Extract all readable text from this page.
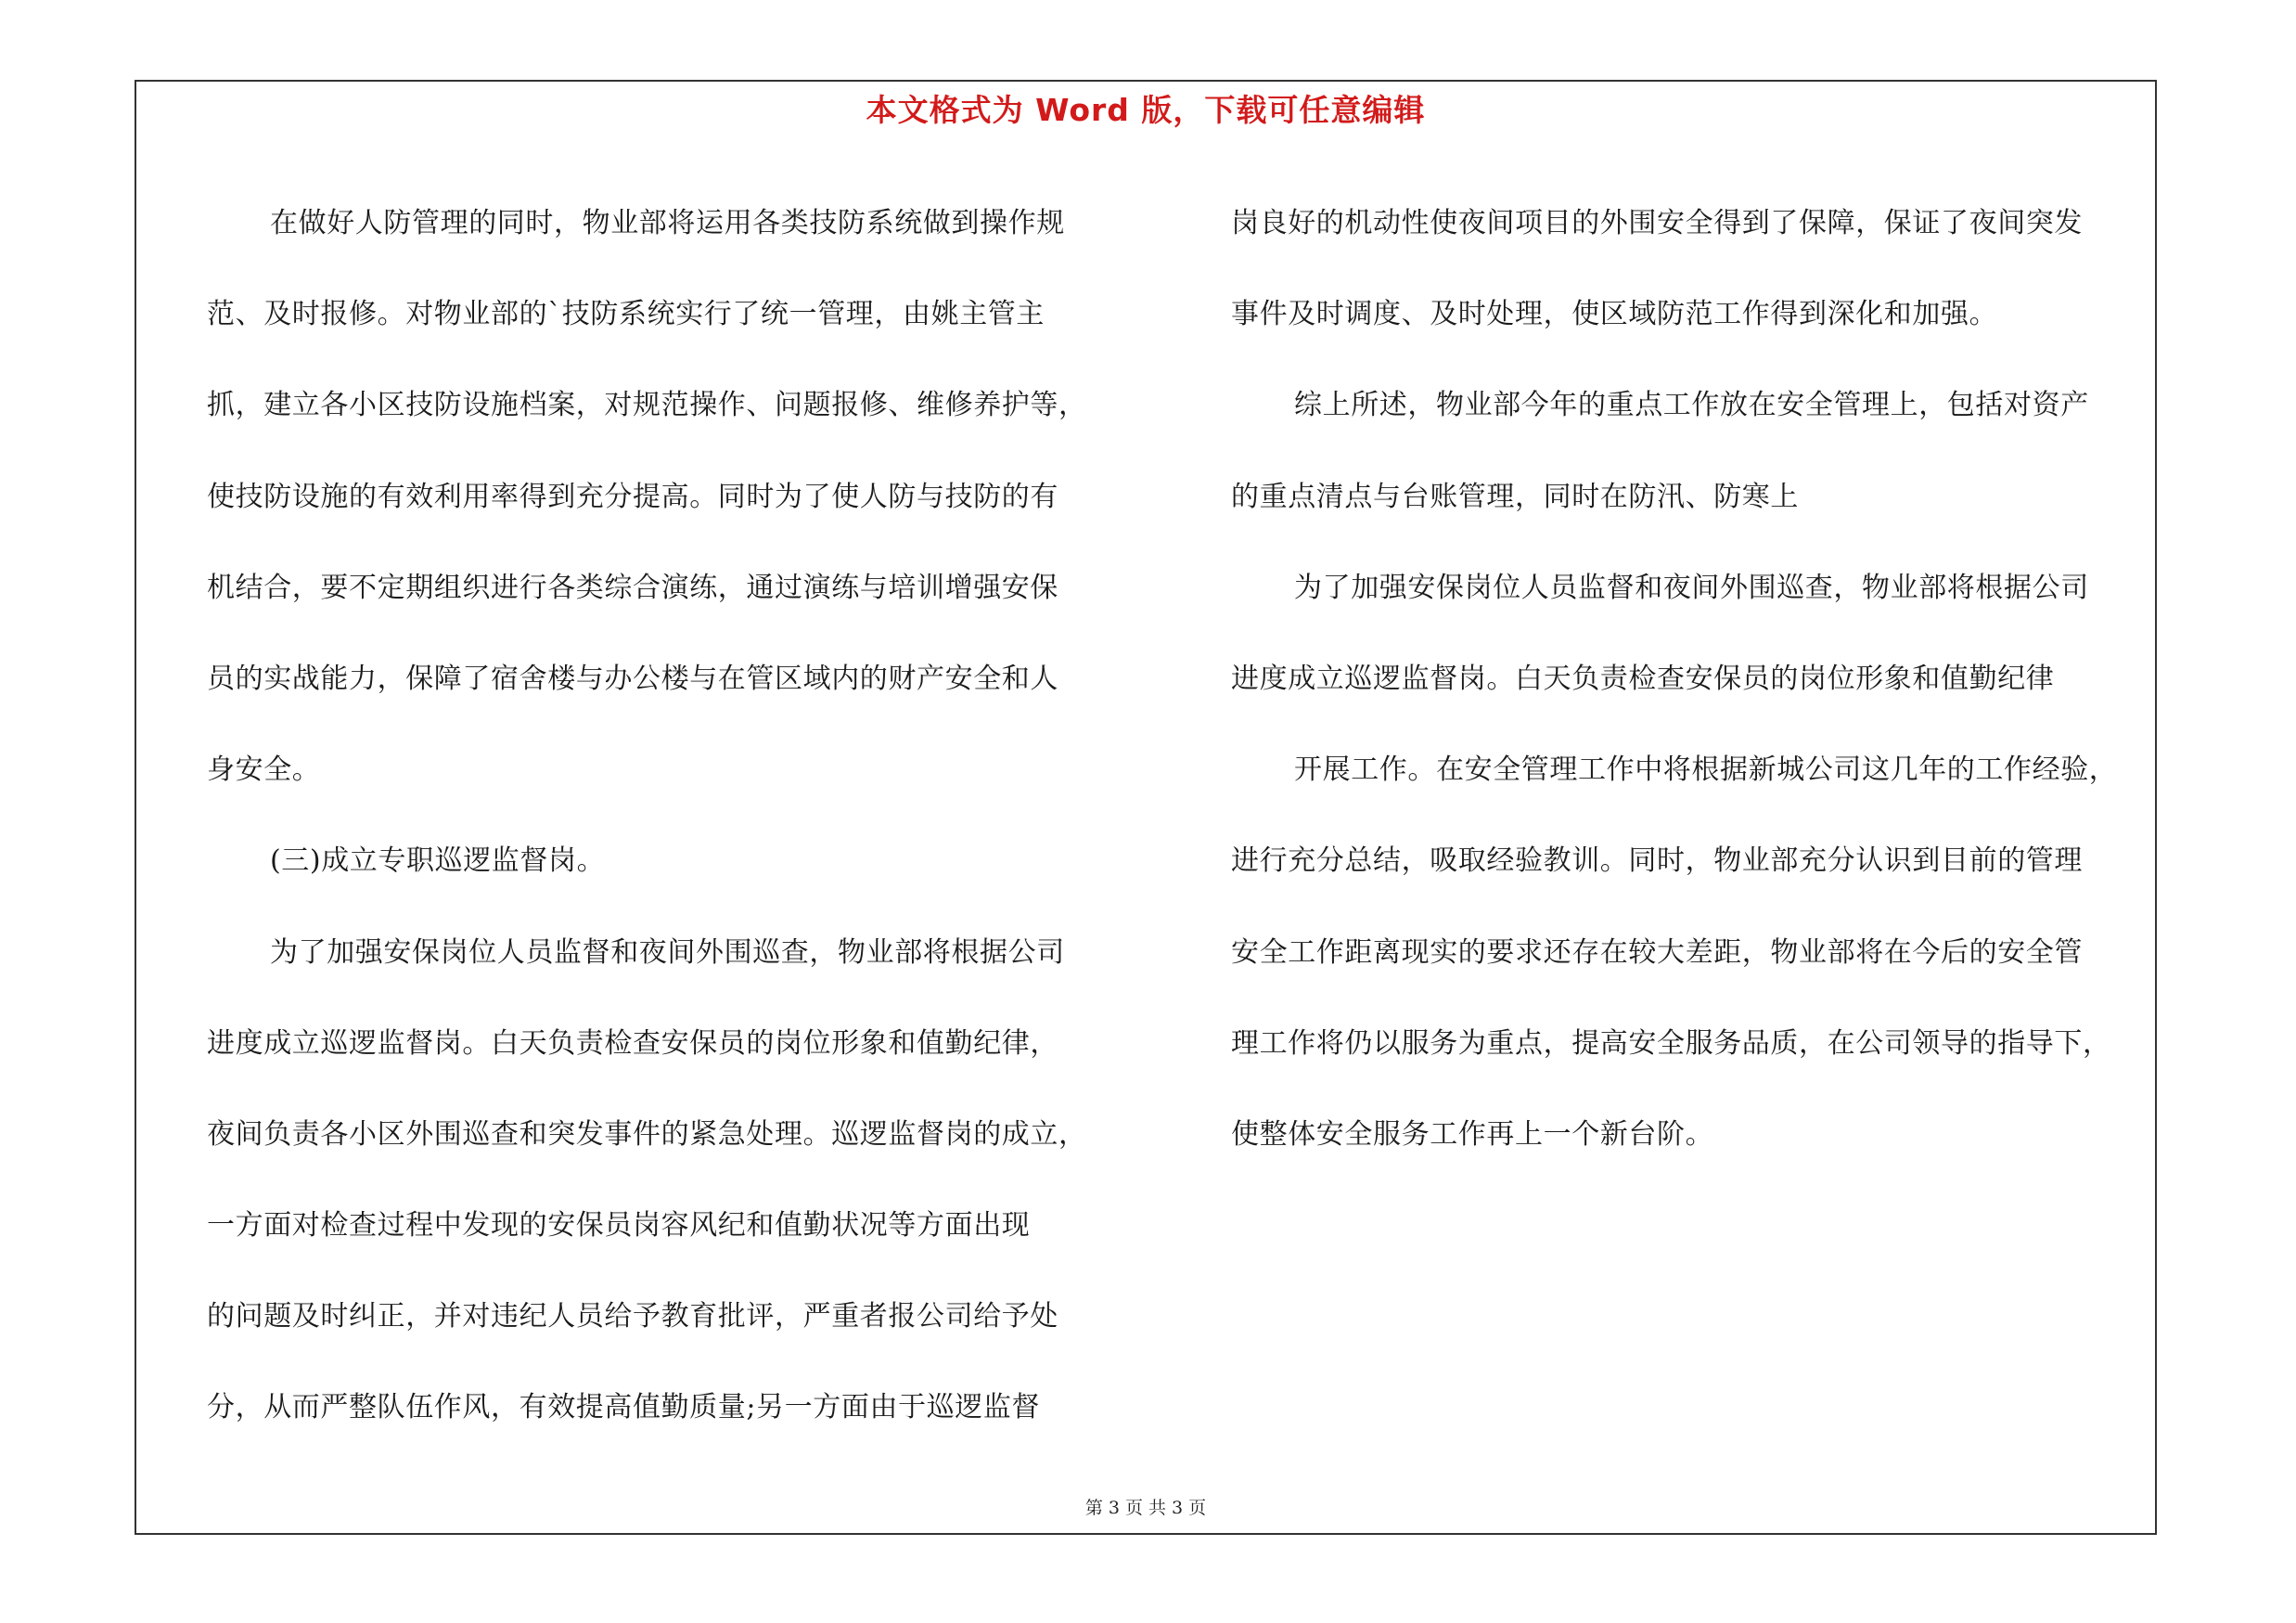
本文格式为 Word 版，下载可任意编辑
在做好人防管理的同时，物业部将运用各类技防系统做到操作规
范、及时报修。对物业部的`技防系统实行了统一管理，由姚主管主
抓，建立各小区技防设施档案，对规范操作、问题报修、维修养护等，
使技防设施的有效利用率得到充分提高。同时为了使人防与技防的有
机结合，要不定期组织进行各类综合演练，通过演练与培训增强安保
员的实战能力，保障了宿舍楼与办公楼与在管区域内的财产安全和人
身安全。
(三)成立专职巡逻监督岗。
为了加强安保岗位人员监督和夜间外围巡查，物业部将根据公司
进度成立巡逻监督岗。白天负责检查安保员的岗位形象和值勤纪律，
夜间负责各小区外围巡查和突发事件的紧急处理。巡逻监督岗的成立，
一方面对检查过程中发现的安保员岗容风纪和值勤状况等方面出现
的问题及时纠正，并对违纪人员给予教育批评，严重者报公司给予处
分，从而严整队伍作风，有效提高值勤质量;另一方面由于巡逻监督
岗良好的机动性使夜间项目的外围安全得到了保障，保证了夜间突发
事件及时调度、及时处理，使区域防范工作得到深化和加强。
综上所述，物业部今年的重点工作放在安全管理上，包括对资产
的重点清点与台账管理，同时在防汛、防寒上
为了加强安保岗位人员监督和夜间外围巡查，物业部将根据公司
进度成立巡逻监督岗。白天负责检查安保员的岗位形象和值勤纪律
开展工作。在安全管理工作中将根据新城公司这几年的工作经验，
进行充分总结，吸取经验教训。同时，物业部充分认识到目前的管理
安全工作距离现实的要求还存在较大差距，物业部将在今后的安全管
理工作将仍以服务为重点，提高安全服务品质，在公司领导的指导下，
使整体安全服务工作再上一个新台阶。
第 3 页 共 3 页
